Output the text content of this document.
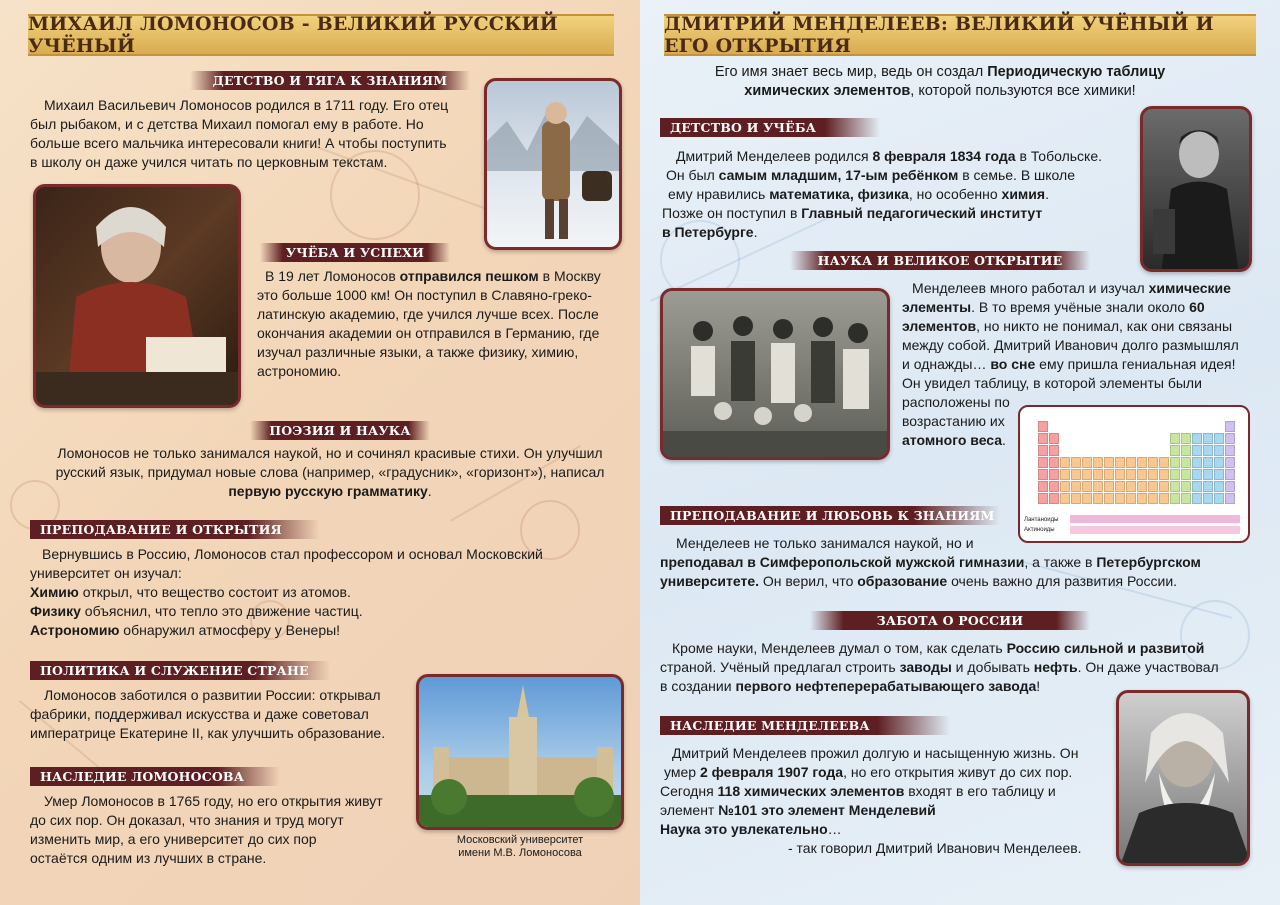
МИХАИЛ ЛОМОНОСОВ - ВЕЛИКИЙ РУССКИЙ УЧЁНЫЙ
ДЕТСТВО И ТЯГА К ЗНАНИЯМ
Михаил Васильевич Ломоносов родился в 1711 году. Его отец
был рыбаком, и с детства Михаил помогал ему в работе. Но
больше всего мальчика интересовали книги! А чтобы поступить
в школу он даже учился читать по церковным текстам.
УЧЁБА И УСПЕХИ
В 19 лет Ломоносов отправился пешком в Москву
это больше 1000 км! Он поступил в Славяно-греко-
латинскую академию, где учился лучше всех. После
окончания академии он отправился в Германию, где
изучал различные языки, а также физику, химию,
астрономию.
ПОЭЗИЯ И НАУКА
Ломоносов не только занимался наукой, но и сочинял красивые стихи. Он улучшил
русский язык, придумал новые слова (например, «градусник», «горизонт»), написал
первую русскую грамматику.
ПРЕПОДАВАНИЕ И ОТКРЫТИЯ
Вернувшись в Россию, Ломоносов стал профессором и основал Московский
университет он изучал:
Химию открыл, что вещество состоит из атомов.
Физику объяснил, что тепло это движение частиц.
Астрономию обнаружил атмосферу у Венеры!
ПОЛИТИКА И СЛУЖЕНИЕ СТРАНЕ
Ломоносов заботился о развитии России: открывал
фабрики, поддерживал искусства и даже советовал
императрице Екатерине II, как улучшить образование.
НАСЛЕДИЕ ЛОМОНОСОВА
Умер Ломоносов в 1765 году, но его открытия живут
до сих пор. Он доказал, что знания и труд могут
изменить мир, а его университет до сих пор
остаётся одним из лучших в стране.
Московский университет
имени М.В. Ломоносова
ДМИТРИЙ МЕНДЕЛЕЕВ: ВЕЛИКИЙ УЧЁНЫЙ И ЕГО ОТКРЫТИЯ
Его имя знает весь мир, ведь он создал Периодическую таблицу
химических элементов, которой пользуются все химики!
ДЕТСТВО И УЧЁБА
Дмитрий Менделеев родился 8 февраля 1834 года в Тобольске.
Он был самым младшим, 17-ым ребёнком в семье. В школе
ему нравились математика, физика, но особенно химия.
Позже он поступил в Главный педагогический институт
в Петербурге.
НАУКА И ВЕЛИКОЕ ОТКРЫТИЕ
Менделеев много работал и изучал химические
элементы. В то время учёные знали около 60
элементов, но никто не понимал, как они связаны
между собой. Дмитрий Иванович долго размышлял
и однажды… во сне ему пришла гениальная идея!
Он увидел таблицу, в которой элементы были
расположены по
возрастанию их
атомного веса.
Лантаноиды
Актиноиды
ПРЕПОДАВАНИЕ И ЛЮБОВЬ К ЗНАНИЯМ
Менделеев не только занимался наукой, но и
преподавал в Симферопольской мужской гимназии, а также в Петербургском
университете. Он верил, что образование очень важно для развития России.
ЗАБОТА О РОССИИ
Кроме науки, Менделеев думал о том, как сделать Россию сильной и развитой
страной. Учёный предлагал строить заводы и добывать нефть. Он даже участвовал
в создании первого нефтеперерабатывающего завода!
НАСЛЕДИЕ МЕНДЕЛЕЕВА
Дмитрий Менделеев прожил долгую и насыщенную жизнь. Он
умер 2 февраля 1907 года, но его открытия живут до сих пор.
Сегодня 118 химических элементов входят в его таблицу и
элемент №101 это элемент Менделевий
Наука это увлекательно…
- так говорил Дмитрий Иванович Менделеев.
